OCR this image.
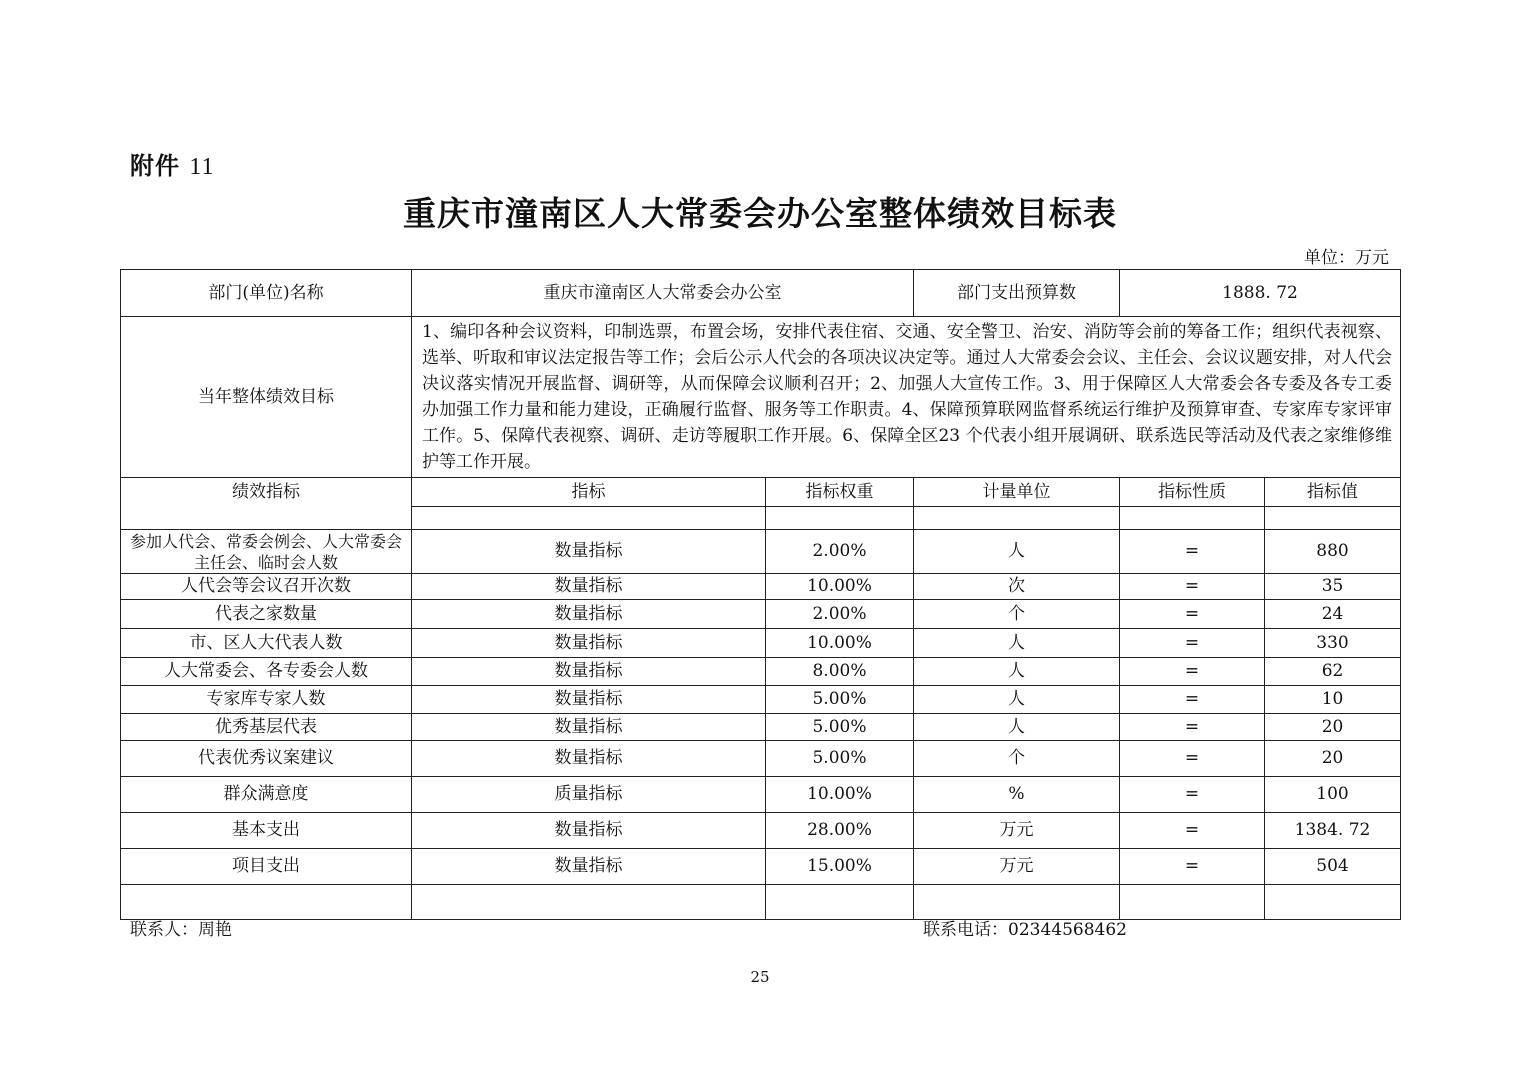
附件 11
重庆市潼南区人大常委会办公室整体绩效目标表
单位：万元
部门(单位)名称	重庆市潼南区人大常委会办公室		部门支出预算数	1888. 72	
当年整体绩效目标	1、编印各种会议资料，印制选票，布置会场，安排代表住宿、交通、安全警卫、治安、消防等会前的筹备工作；组织代表视察、选举、听取和审议法定报告等工作；会后公示人代会的各项决议决定等。通过人大常委会会议、主任会、会议议题安排，对人代会决议落实情况开展监督、调研等，从而保障会议顺利召开；2、加强人大宣传工作。3、用于保障区人大常委会各专委及各专工委办加强工作力量和能力建设，正确履行监督、服务等工作职责。4、保障预算联网监督系统运行维护及预算审查、专家库专家评审工作。5、保障代表视察、调研、走访等履职工作开展。6、保障全区23 个代表小组开展调研、联系选民等活动及代表之家维修维护等工作开展。				
绩效指标	指标	指标权重	计量单位	指标性质	指标值

参加人代会、常委会例会、人大常委会主任会、临时会人数	数量指标	2.00%	人	=	880
人代会等会议召开次数	数量指标	10.00%	次	=	35
代表之家数量	数量指标	2.00%	个	=	24
市、区人大代表人数	数量指标	10.00%	人	=	330
人大常委会、各专委会人数	数量指标	8.00%	人	=	62
专家库专家人数	数量指标	5.00%	人	=	10
优秀基层代表	数量指标	5.00%	人	=	20
代表优秀议案建议	数量指标	5.00%	个	=	20
群众满意度	质量指标	10.00%	%	=	100
基本支出	数量指标	28.00%	万元	=	1384. 72
项目支出	数量指标	15.00%	万元	=	504

联系人：周艳	联系电话：02344568462
25
